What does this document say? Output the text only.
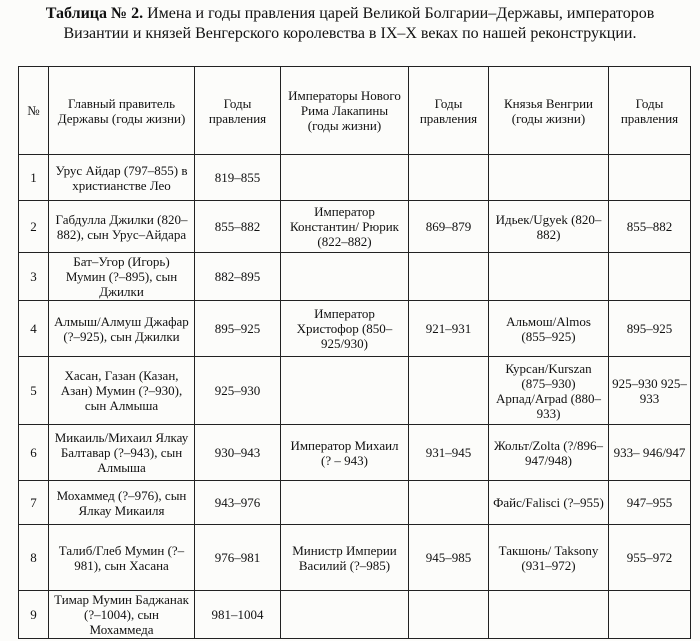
Таблица № 2. Имена и годы правления царей Великой Болгарии–Державы, императоров
Византии и князей Венгерского королевства в IX–X веках по нашей реконструкции.
№	Главный правитель Державы (годы жизни)	Годы правления	Императоры Нового Рима Лакапины (годы жизни)	Годы правления	Князья Венгрии (годы жизни)	Годы правления
1	Урус Айдар (797–855) в христианстве Лео	819–855				
2	Габдулла Джилки (820–882), сын Урус–Айдара	855–882	Император Константин/ Рюрик (822–882)	869–879	Идьек/Ugyek (820–882)	855–882
3	Бат–Угор (Игорь) Мумин (?–895), сын Джилки	882–895				
4	Алмыш/Алмуш Джафар (?–925), сын Джилки	895–925	Император Христофор (850–925/930)	921–931	Альмош/Almos (855–925)	895–925
5	Хасан, Газан (Казан, Азан) Мумин (?–930), сын Алмыша	925–930			Курсан/Kurszan (875–930) Арпад/Arpad (880–933)	925–930 925–933
6	Микаиль/Михаил Ялкау Балтавар (?–943), сын Алмыша	930–943	Император Михаил (? – 943)	931–945	Жольт/Zolta (?/896– 947/948)	933– 946/947
7	Мохаммед (?–976), сын Ялкау Микаиля	943–976			Файс/Falisci (?–955)	947–955
8	Талиб/Глеб Мумин (?–981), сын Хасана	976–981	Министр Империи Василий (?–985)	945–985	Такшонь/ Taksony (931–972)	955–972
9	Тимар Мумин Баджанак (?–1004), сын Мохаммеда	981–1004				
